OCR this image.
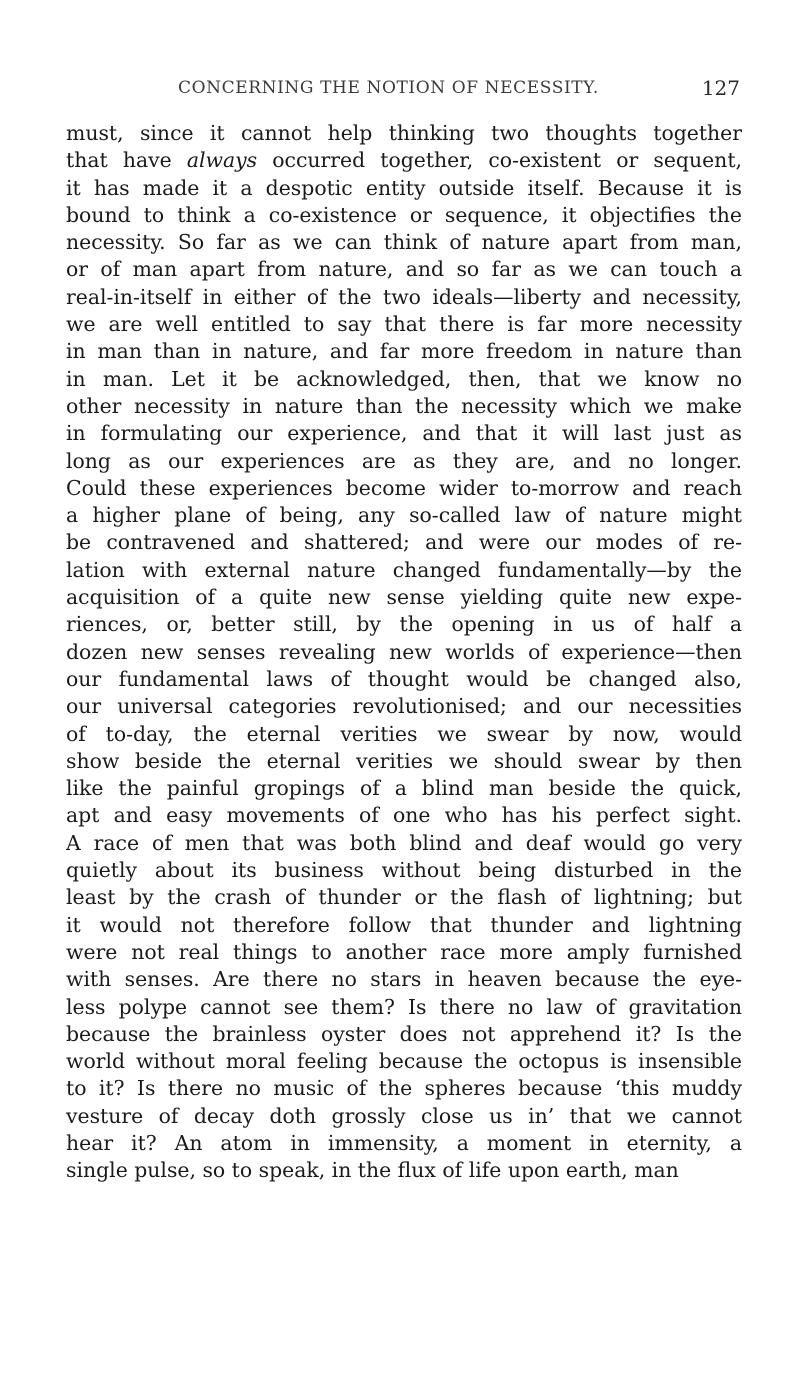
CONCERNING THE NOTION OF NECESSITY.	127
must, since it cannot help thinking two thoughts together
that have always occurred together, co-existent or sequent,
it has made it a despotic entity outside itself. Because it is
bound to think a co-existence or sequence, it objectifies the
necessity. So far as we can think of nature apart from man,
or of man apart from nature, and so far as we can touch a
real-in-itself in either of the two ideals—liberty and necessity,
we are well entitled to say that there is far more necessity
in man than in nature, and far more freedom in nature than
in man. Let it be acknowledged, then, that we know no
other necessity in nature than the necessity which we make
in formulating our experience, and that it will last just as
long as our experiences are as they are, and no longer.
Could these experiences become wider to-morrow and reach
a higher plane of being, any so-called law of nature might
be contravened and shattered; and were our modes of re-
lation with external nature changed fundamentally—by the
acquisition of a quite new sense yielding quite new expe-
riences, or, better still, by the opening in us of half a
dozen new senses revealing new worlds of experience—then
our fundamental laws of thought would be changed also,
our universal categories revolutionised; and our necessities
of to-day, the eternal verities we swear by now, would
show beside the eternal verities we should swear by then
like the painful gropings of a blind man beside the quick,
apt and easy movements of one who has his perfect sight.
A race of men that was both blind and deaf would go very
quietly about its business without being disturbed in the
least by the crash of thunder or the flash of lightning; but
it would not therefore follow that thunder and lightning
were not real things to another race more amply furnished
with senses. Are there no stars in heaven because the eye-
less polype cannot see them? Is there no law of gravitation
because the brainless oyster does not apprehend it? Is the
world without moral feeling because the octopus is insensible
to it? Is there no music of the spheres because ‘this muddy
vesture of decay doth grossly close us in’ that we cannot
hear it? An atom in immensity, a moment in eternity, a
single pulse, so to speak, in the flux of life upon earth, man
